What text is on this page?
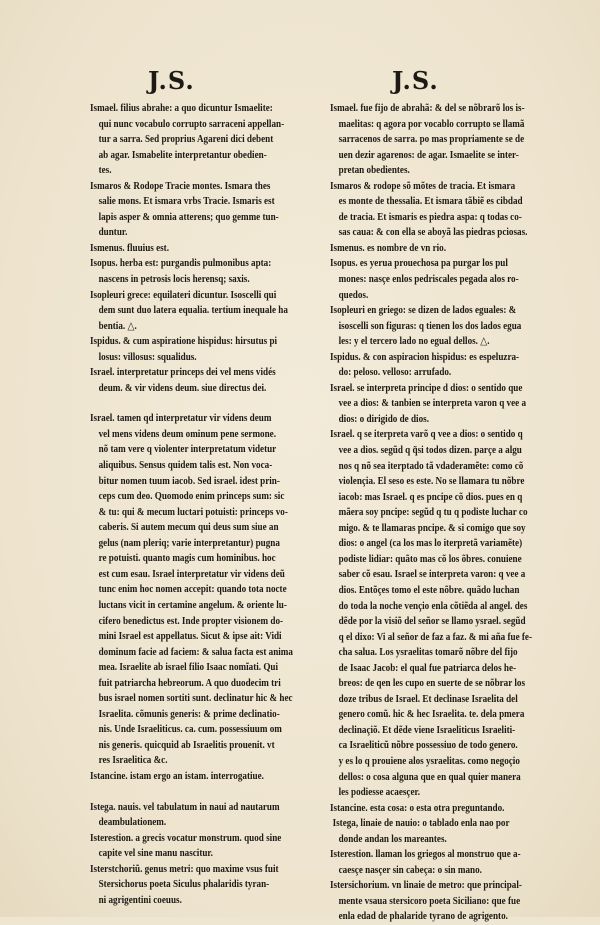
J.S.	J.S.
Ismael. filius abrahe: a quo dicuntur Ismaelite:
qui nunc vocabulo corrupto sarraceni appellan-
tur a sarra. Sed proprius Agareni dici debent
ab agar. Ismabelite interpretantur obedien-
tes.
Ismaros & Rodope Tracie montes. Ismara thes
salie mons. Et ismara vrbs Tracie. Ismaris est
lapis asper & omnia atterens; quo gemme tun-
duntur.
Ismenus. fluuius est.
Isopus. herba est: purgandis pulmonibus apta:
nascens in petrosis locis herensq; saxis.
Isopleuri grece: equilateri dicuntur. Isoscelli qui
dem sunt duo latera equalia. tertium inequale ha
bentia. △.
Ispidus. & cum aspiratione hispidus: hirsutus pi
losus: villosus: squalidus.
Israel. interpretatur princeps dei vel mens vidés
deum. & vir videns deum. siue directus dei.
Israel. tamen qd interpretatur vir videns deum
vel mens videns deum ominum pene sermone.
nõ tam vere q violenter interpretatum videtur
aliquibus. Sensus quidem talis est. Non voca-
bitur nomen tuum iacob. Sed israel. idest prin-
ceps cum deo. Quomodo enim princeps sum: sic
& tu: qui & mecum luctari potuisti: princeps vo-
caberis. Si autem mecum qui deus sum siue an
gelus (nam pleriq; varie interpretantur) pugna
re potuisti. quanto magis cum hominibus. hoc
est cum esau. Israel interpretatur vir videns deũ
tunc enim hoc nomen accepit: quando tota nocte
luctans vicit in certamine angelum. & oriente lu-
cifero benedictus est. Inde propter visionem do-
mini Israel est appellatus. Sicut & ipse ait: Vidi
dominum facie ad faciem: & salua facta est anima
mea. Israelite ab israel filio Isaac nomĩati. Qui
fuit patriarcha hebreorum. A quo duodecim tri
bus israel nomen sortiti sunt. declinatur hic & hec
Israelita. cõmunis generis: & prime declinatio-
nis. Unde Israeliticus. ca. cum. possessiuum om
nis generis. quicquid ab Israelitis prouenit. vt
res Israelitica &c.
Istancine. istam ergo an istam. interrogatiue.
Istega. nauis. vel tabulatum in naui ad nautarum
deambulationem.
Isterestion. a grecis vocatur monstrum. quod sine
capite vel sine manu nascitur.
Isterstchoriũ. genus metri: quo maxime vsus fuit
Stersichorus poeta Siculus phalaridis tyran-
ni agrigentini coeuus.
Ismael. fue fijo de abrahã: & del se nõbrarõ los is-
maelitas: q agora por vocablo corrupto se llamã
sarracenos de sarra. po mas propriamente se de
uen dezir agarenos: de agar. Ismaelite se inter-
pretan obedientes.
Ismaros & rodope sõ mõtes de tracia. Et ismara
es monte de thessalia. Et ismara tãbiẽ es cibdad
de tracia. Et ismaris es piedra aspa: q todas co-
sas caua: & con ella se aboyã las piedras pciosas.
Ismenus. es nombre de vn rio.
Isopus. es yerua prouechosa pa purgar los pul
mones: nasçe enlos pedriscales pegada alos ro-
quedos.
Isopleuri en griego: se dizen de lados eguales: &
isoscelli son figuras: q tienen los dos lados egua
les: y el tercero lado no egual dellos. △.
Ispidus. & con aspiracion hispidus: es espeluzra-
do: peloso. velloso: arrufado.
Israel. se interpreta principe d dios: o sentido que
vee a dios: & tanbien se interpreta varon q vee a
dios: o dirigido de dios.
Israel. q se iterpreta varõ q vee a dios: o sentido q
vee a dios. segũd q q̃si todos dizen. parçe a algu
nos q nõ sea iterptado tã vdaderamẽte: como cõ
violençia. El seso es este. No se llamara tu nõbre
iacob: mas Israel. q es pncipe cõ dios. pues en q
mãera soy pncipe: segũd q tu q podiste luchar co
migo. & te llamaras pncipe. & si comigo que soy
dios: o angel (ca los mas lo iterpretã variamẽte)
podiste lidiar: quãto mas cõ los õbres. conuiene
saber cõ esau. Israel se interpreta varon: q vee a
dios. Entõçes tomo el este nõbre. quãdo luchan
do toda la noche vençio enla cõtiẽda al angel. des
dẽde por la visiõ del señor se llamo ysrael. segũd
q el dixo: Vi al señor de faz a faz. & mi aña fue fe-
cha salua. Los ysraelitas tomarõ nõbre del fijo
de Isaac Jacob: el qual fue patriarca delos he-
breos: de qen les cupo en suerte de se nõbrar los
doze tribus de Israel. Et declinase Israelita del
genero comũ. hic & hec Israelita. te. dela pmera
declinaçiõ. Et dẽde viene Israeliticus Israeliti-
ca Israeliticũ nõbre possessiuo de todo genero.
y es lo q prouiene alos ysraelitas. como negoçio
dellos: o cosa alguna que en qual quier manera
les podiesse acaesçer.
Istancine. esta cosa: o esta otra preguntando.
Istega, linaie de nauio: o tablado enla nao por
donde andan los mareantes.
Isterestion. llaman los griegos al monstruo que a-
caesçe nasçer sin cabeça: o sin mano.
Istersichorium. vn linaie de metro: que principal-
mente vsaua stersicoro poeta Siciliano: que fue
enla edad de phalaride tyrano de agrigento.
